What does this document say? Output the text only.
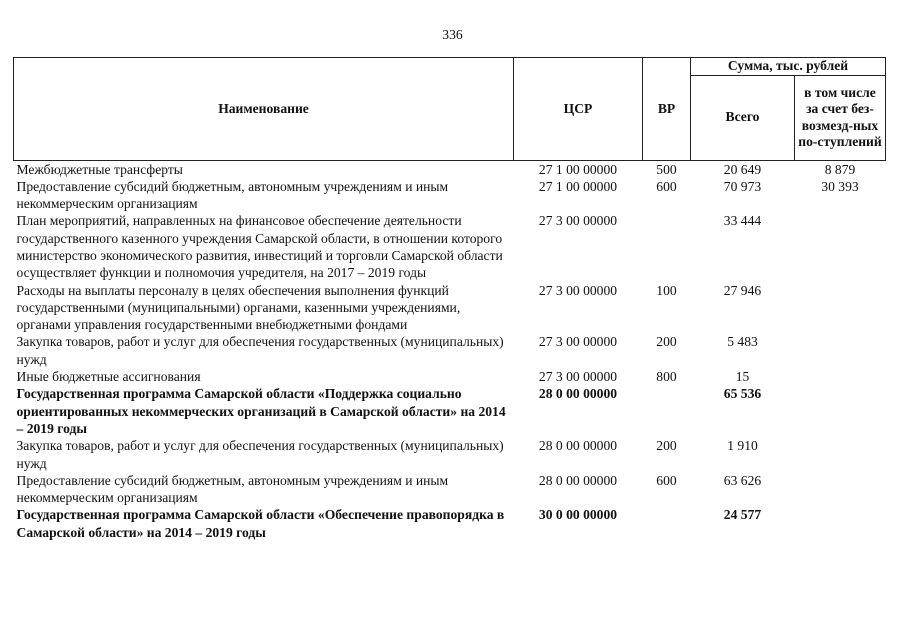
336
Наименование	ЦСР	ВР	Сумма, тыс. рублей	
			Всего	в том числе за счет без-возмезд-ных по-ступлений
Межбюджетные трансферты	27 1 00 00000	500	20 649	8 879
Предоставление субсидий бюджетным, автономным учреждениям и иным некоммерческим организациям	27 1 00 00000	600	70 973	30 393
План мероприятий, направленных на финансовое обеспечение деятельности государственного казенного учреждения Самарской области, в отношении которого министерство экономического развития, инвестиций и торговли Самарской области осуществляет функции и полномочия учредителя, на 2017 – 2019 годы	27 3 00 00000		33 444	
Расходы на выплаты персоналу в целях обеспечения выполнения функций государственными (муниципальными) органами, казенными учреждениями, органами управления государственными внебюджетными фондами	27 3 00 00000	100	27 946	
Закупка товаров, работ и услуг для обеспечения государственных (муниципальных) нужд	27 3 00 00000	200	5 483	
Иные бюджетные ассигнования	27 3 00 00000	800	15	
Государственная программа Самарской области «Поддержка социально ориентированных некоммерческих организаций в Самарской области» на 2014 – 2019 годы	28 0 00 00000		65 536	
Закупка товаров, работ и услуг для обеспечения государственных (муниципальных) нужд	28 0 00 00000	200	1 910	
Предоставление субсидий бюджетным, автономным учреждениям и иным некоммерческим организациям	28 0 00 00000	600	63 626	
Государственная программа Самарской области «Обеспечение правопорядка в Самарской области» на 2014 – 2019 годы	30 0 00 00000		24 577	
